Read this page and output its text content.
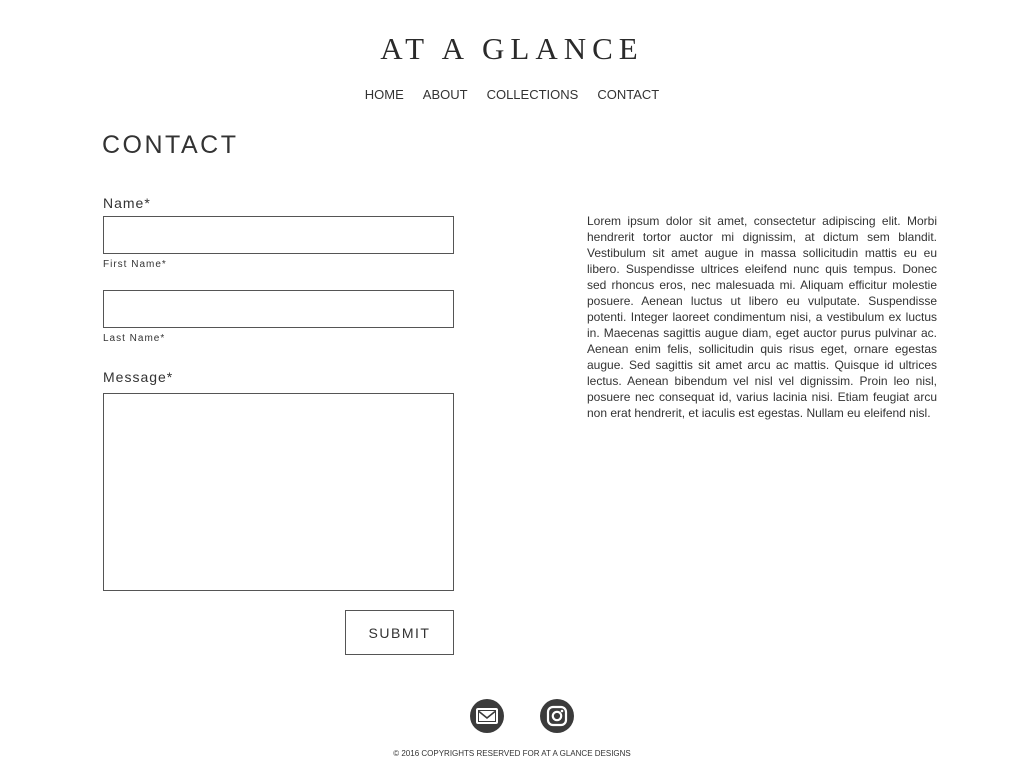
AT A GLANCE
HOME ABOUT COLLECTIONS CONTACT
CONTACT
Name*
First Name*
Last Name*
Message*
SUBMIT

Lorem ipsum dolor sit amet, consectetur adipiscing elit. Morbi hendrerit tortor auctor mi dignissim, at dictum sem blandit. Vestibulum sit amet augue in massa sollicitudin mattis eu eu libero. Suspendisse ultrices eleifend nunc quis tempus. Donec sed rhoncus eros, nec malesuada mi. Aliquam efficitur molestie posuere. Aenean luctus ut libero eu vulputate. Suspendisse potenti. Integer laoreet condimentum nisi, a vestibulum ex luctus in. Maecenas sagittis augue diam, eget auctor purus pulvinar ac. Aenean enim felis, sollicitudin quis risus eget, ornare egestas augue. Sed sagittis sit amet arcu ac mattis. Quisque id ultrices lectus. Aenean bibendum vel nisl vel dignissim. Proin leo nisl, posuere nec consequat id, varius lacinia nisi. Etiam feugiat arcu non erat hendrerit, et iaculis est egestas. Nullam eu eleifend nisl.

© 2016 COPYRIGHTS RESERVED FOR AT A GLANCE DESIGNS
